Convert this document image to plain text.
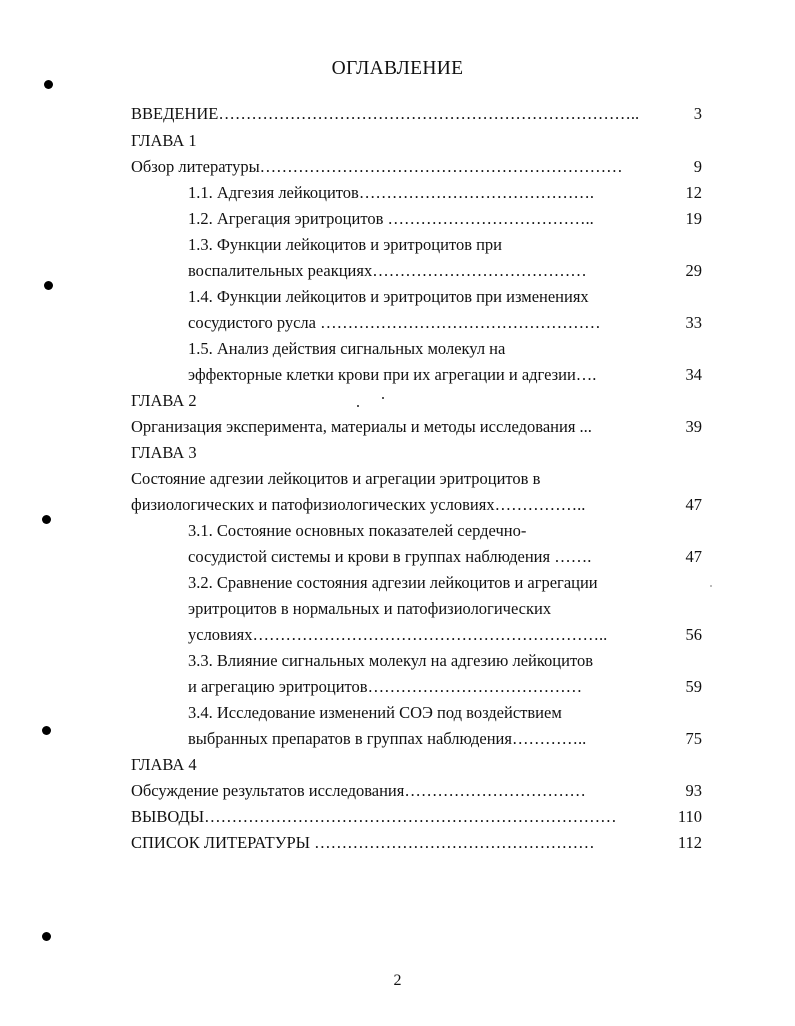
ОГЛАВЛЕНИЕ
ВВЕДЕНИЕ…………………………………………………………………..	3
ГЛАВА 1
Обзор литературы…………………………………………………………	9
1.1. Адгезия лейкоцитов…………………………………….	12
1.2. Агрегация эритроцитов ………………………………..	19
1.3. Функции лейкоцитов и эритроцитов при
воспалительных реакциях…………………………………	29
1.4. Функции лейкоцитов и эритроцитов при изменениях
сосудистого русла ……………………………………………	33
1.5. Анализ действия сигнальных молекул на
эффекторные клетки крови при их агрегации и адгезии….	34
ГЛАВА 2
Организация эксперимента, материалы и методы исследования ...	39
ГЛАВА 3
Состояние адгезии лейкоцитов и агрегации эритроцитов в
физиологических и патофизиологических условиях……………..	47
3.1. Состояние основных показателей сердечно-
сосудистой системы и крови в группах наблюдения …….	47
3.2. Сравнение состояния адгезии лейкоцитов и агрегации
эритроцитов в нормальных и патофизиологических
условиях………………………………………………………..	56
3.3. Влияние сигнальных молекул на адгезию лейкоцитов
и агрегацию эритроцитов…………………………………	59
3.4. Исследование изменений СОЭ под воздействием
выбранных препаратов в группах наблюдения…………..	75
ГЛАВА 4
Обсуждение результатов исследования……………………………	93
ВЫВОДЫ…………………………………………………………………	110
СПИСОК ЛИТЕРАТУРЫ ……………………………………………	112
2
